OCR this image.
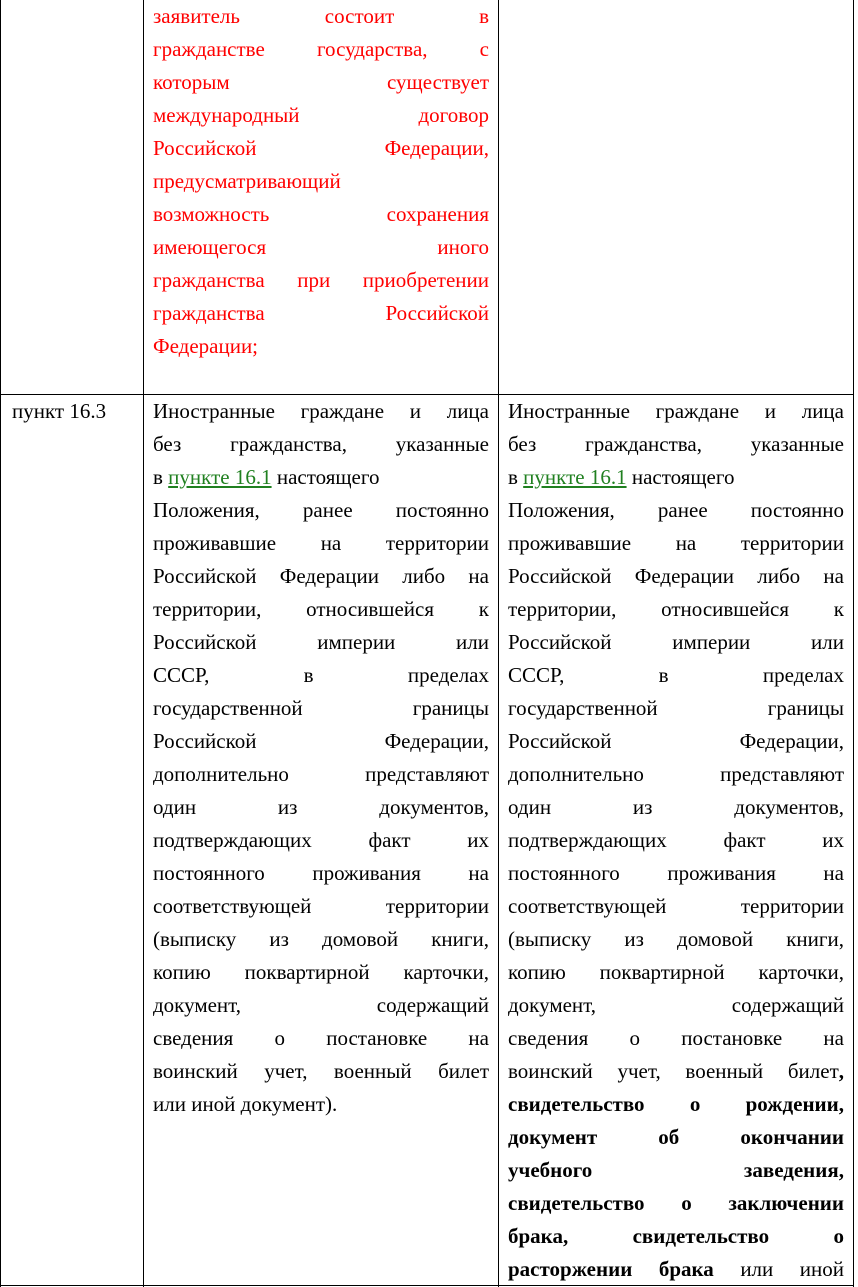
заявитель состоит в
гражданстве государства, с
которым существует
международный договор
Российской Федерации,
предусматривающий
возможность сохранения
имеющегося иного
гражданства при приобретении
гражданства Российской
Федерации;
пункт 16.3	Иностранные граждане и лица
без гражданства, указанные
в пункте 16.1 настоящего
Положения, ранее постоянно
проживавшие на территории
Российской Федерации либо на
территории, относившейся к
Российской империи или
СССР, в пределах
государственной границы
Российской Федерации,
дополнительно представляют
один из документов,
подтверждающих факт их
постоянного проживания на
соответствующей территории
(выписку из домовой книги,
копию поквартирной карточки,
документ, содержащий
сведения о постановке на
воинский учет, военный билет
или иной документ).
Иностранные граждане и лица
без гражданства, указанные
в пункте 16.1 настоящего
Положения, ранее постоянно
проживавшие на территории
Российской Федерации либо на
территории, относившейся к
Российской империи или
СССР, в пределах
государственной границы
Российской Федерации,
дополнительно представляют
один из документов,
подтверждающих факт их
постоянного проживания на
соответствующей территории
(выписку из домовой книги,
копию поквартирной карточки,
документ, содержащий
сведения о постановке на
воинский учет, военный билет,
свидетельство о рождении,
документ об окончании
учебного заведения,
свидетельство о заключении
брака, свидетельство о
расторжении брака или иной
